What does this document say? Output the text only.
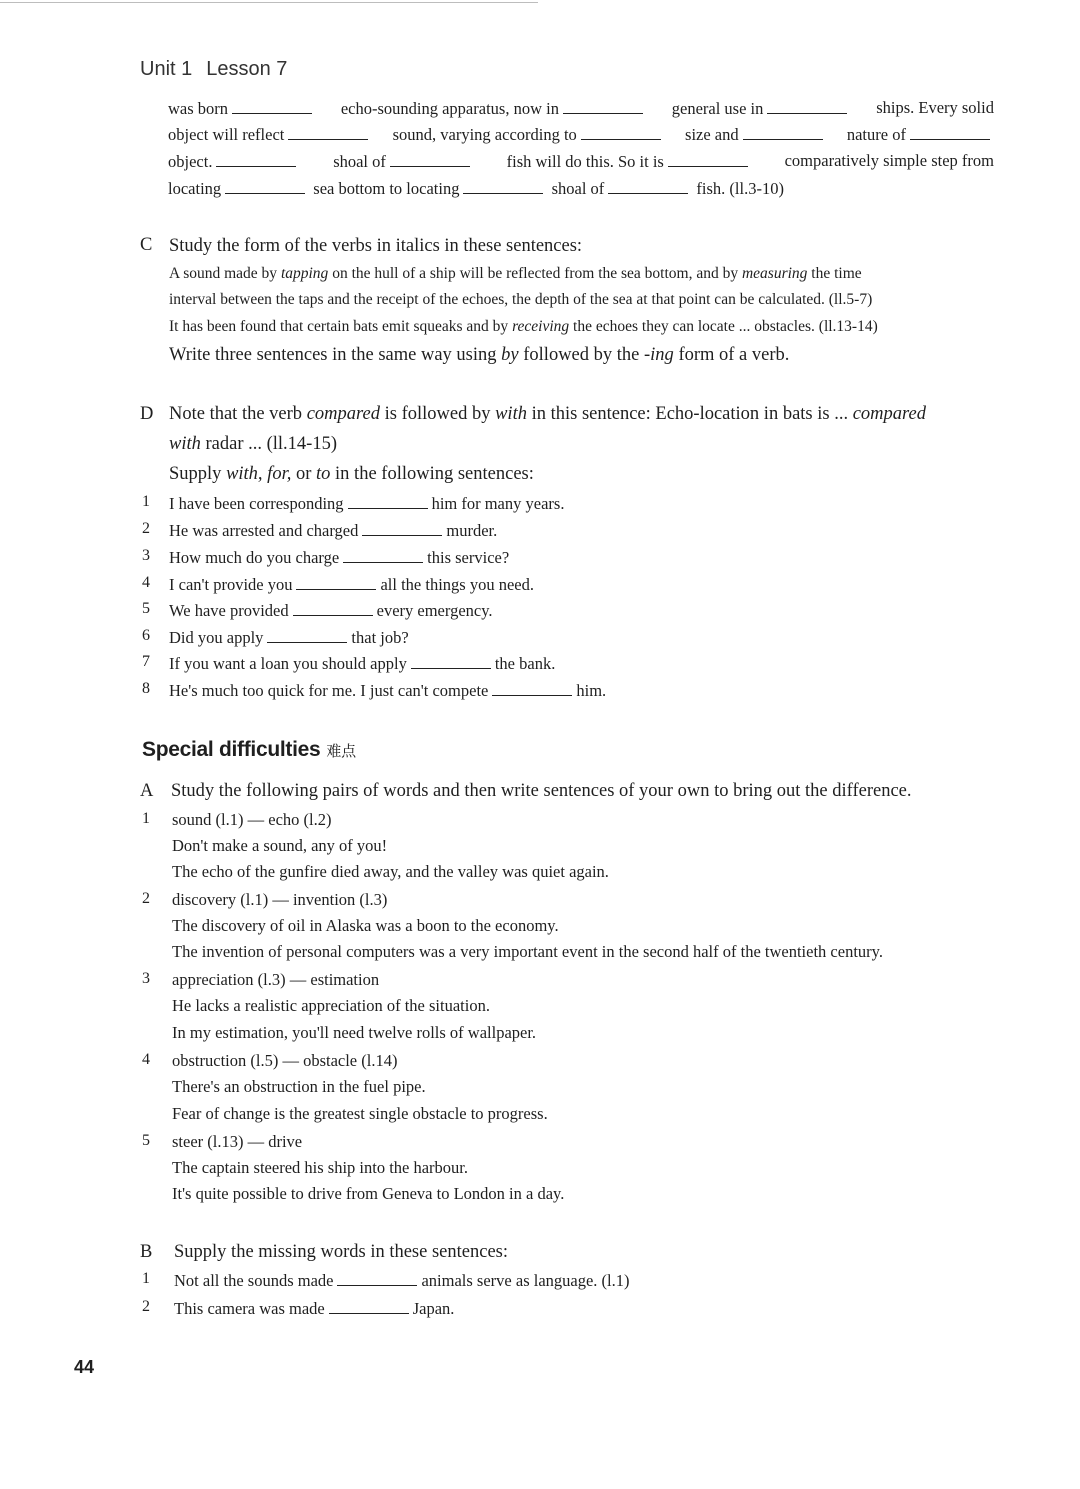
Unit 1 Lesson 7
was born	echo-sounding apparatus, now in	general use in	ships. Every solid
object will reflect	sound, varying according to	size and	nature of
object.	shoal of	fish will do this. So it is	comparatively simple step from
locating	sea bottom to locating	shoal of	fish. (ll.3-10)
C Study the form of the verbs in italics in these sentences:
A sound made by tapping on the hull of a ship will be reflected from the sea bottom, and by measuring the time
interval between the taps and the receipt of the echoes, the depth of the sea at that point can be calculated. (ll.5-7)
It has been found that certain bats emit squeaks and by receiving the echoes they can locate ... obstacles. (ll.13-14)
Write three sentences in the same way using by followed by the -ing form of a verb.
D Note that the verb compared is followed by with in this sentence: Echo-location in bats is ... compared
with radar ... (ll.14-15)
Supply with, for, or to in the following sentences:
1 I have been corresponding	him for many years.
2 He was arrested and charged	murder.
3 How much do you charge	this service?
4 I can't provide you	all the things you need.
5 We have provided	every emergency.
6 Did you apply	that job?
7 If you want a loan you should apply	the bank.
8 He's much too quick for me. I just can't compete	him.
Special difficulties 难点
A Study the following pairs of words and then write sentences of your own to bring out the difference.
1 sound (l.1) — echo (l.2)
Don't make a sound, any of you!
The echo of the gunfire died away, and the valley was quiet again.
2 discovery (l.1) — invention (l.3)
The discovery of oil in Alaska was a boon to the economy.
The invention of personal computers was a very important event in the second half of the twentieth century.
3 appreciation (l.3) — estimation
He lacks a realistic appreciation of the situation.
In my estimation, you'll need twelve rolls of wallpaper.
4 obstruction (l.5) — obstacle (l.14)
There's an obstruction in the fuel pipe.
Fear of change is the greatest single obstacle to progress.
5 steer (l.13) — drive
The captain steered his ship into the harbour.
It's quite possible to drive from Geneva to London in a day.
B Supply the missing words in these sentences:
1 Not all the sounds made	animals serve as language. (l.1)
2 This camera was made	Japan.
44
